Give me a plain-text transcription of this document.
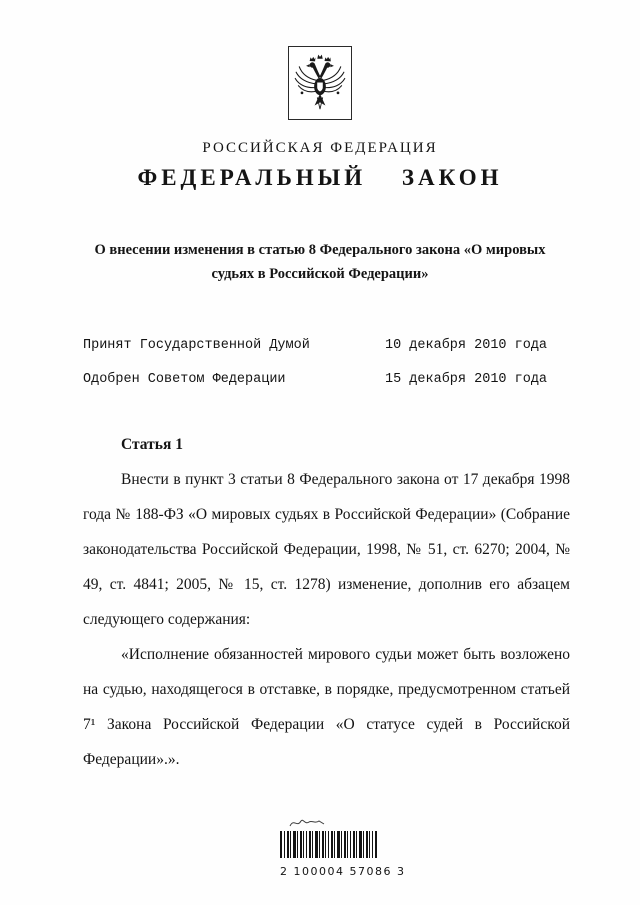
РОССИЙСКАЯ ФЕДЕРАЦИЯ
ФЕДЕРАЛЬНЫЙ ЗАКОН
О внесении изменения в статью 8 Федерального закона «О мировых судьях в Российской Федерации»
Принят Государственной Думой	10 декабря 2010 года
Одобрен Советом Федерации	15 декабря 2010 года
Статья 1

Внести в пункт 3 статьи 8 Федерального закона от 17 декабря 1998 года № 188-ФЗ «О мировых судьях в Российской Федерации» (Собрание законодательства Российской Федерации, 1998, № 51, ст. 6270; 2004, № 49, ст. 4841; 2005, № 15, ст. 1278) изменение, дополнив его абзацем следующего содержания:

«Исполнение обязанностей мирового судьи может быть возложено на судью, находящегося в отставке, в порядке, предусмотренном статьей 7¹ Закона Российской Федерации «О статусе судей в Российской Федерации».».

2 100004 57086 3
